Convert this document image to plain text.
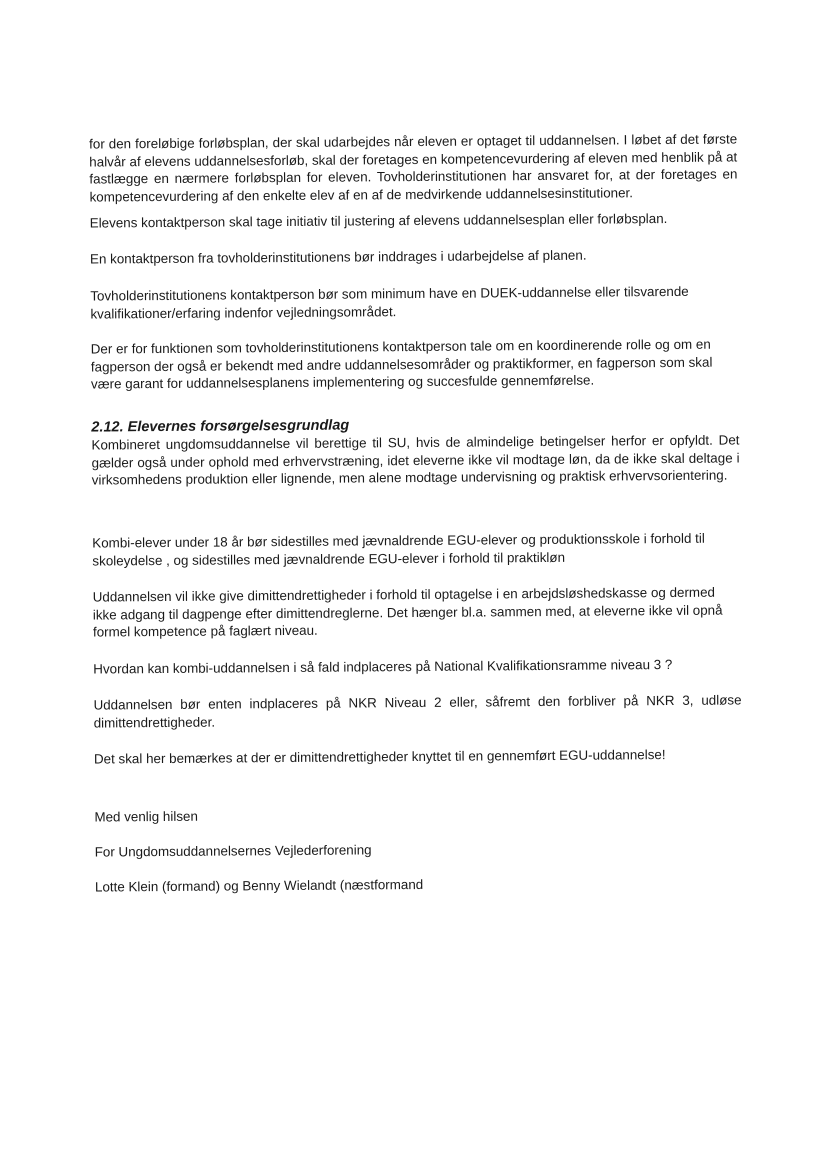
for den foreløbige forløbsplan, der skal udarbejdes når eleven er optaget til uddannelsen. I løbet af det første halvår af elevens uddannelsesforløb, skal der foretages en kompetencevurdering af eleven med henblik på at fastlægge en nærmere forløbsplan for eleven. Tovholderinstitutionen har ansvaret for, at der foretages en kompetencevurdering af den enkelte elev af en af de medvirkende uddannelsesinstitutioner.

Elevens kontaktperson skal tage initiativ til justering af elevens uddannelsesplan eller forløbsplan.

En kontaktperson fra tovholderinstitutionens bør inddrages i udarbejdelse af planen.

Tovholderinstitutionens kontaktperson bør som minimum have en DUEK-uddannelse eller tilsvarende kvalifikationer/erfaring indenfor vejledningsområdet.

Der er for funktionen som tovholderinstitutionens kontaktperson tale om en koordinerende rolle og om en fagperson der også er bekendt med andre uddannelsesområder og praktikformer, en fagperson som skal være garant for uddannelsesplanens implementering og succesfulde gennemførelse.

2.12. Elevernes forsørgelsesgrundlag

Kombineret ungdomsuddannelse vil berettige til SU, hvis de almindelige betingelser herfor er opfyldt. Det gælder også under ophold med erhvervstræning, idet eleverne ikke vil modtage løn, da de ikke skal deltage i virksomhedens produktion eller lignende, men alene modtage undervisning og praktisk erhvervsorientering.

Kombi-elever under 18 år bør sidestilles med jævnaldrende EGU-elever og produktionsskole i forhold til skoleydelse , og sidestilles med jævnaldrende EGU-elever i forhold til praktikløn

Uddannelsen vil ikke give dimittendrettigheder i forhold til optagelse i en arbejdsløshedskasse og dermed ikke adgang til dagpenge efter dimittendreglerne. Det hænger bl.a. sammen med, at eleverne ikke vil opnå formel kompetence på faglært niveau.

Hvordan kan kombi-uddannelsen i så fald indplaceres på National Kvalifikationsramme niveau 3 ?

Uddannelsen bør enten indplaceres på NKR Niveau 2 eller, såfremt den forbliver på NKR 3, udløse dimittendrettigheder.

Det skal her bemærkes at der er dimittendrettigheder knyttet til en gennemført EGU-uddannelse!

Med venlig hilsen

For Ungdomsuddannelsernes Vejlederforening

Lotte Klein (formand) og Benny Wielandt (næstformand
